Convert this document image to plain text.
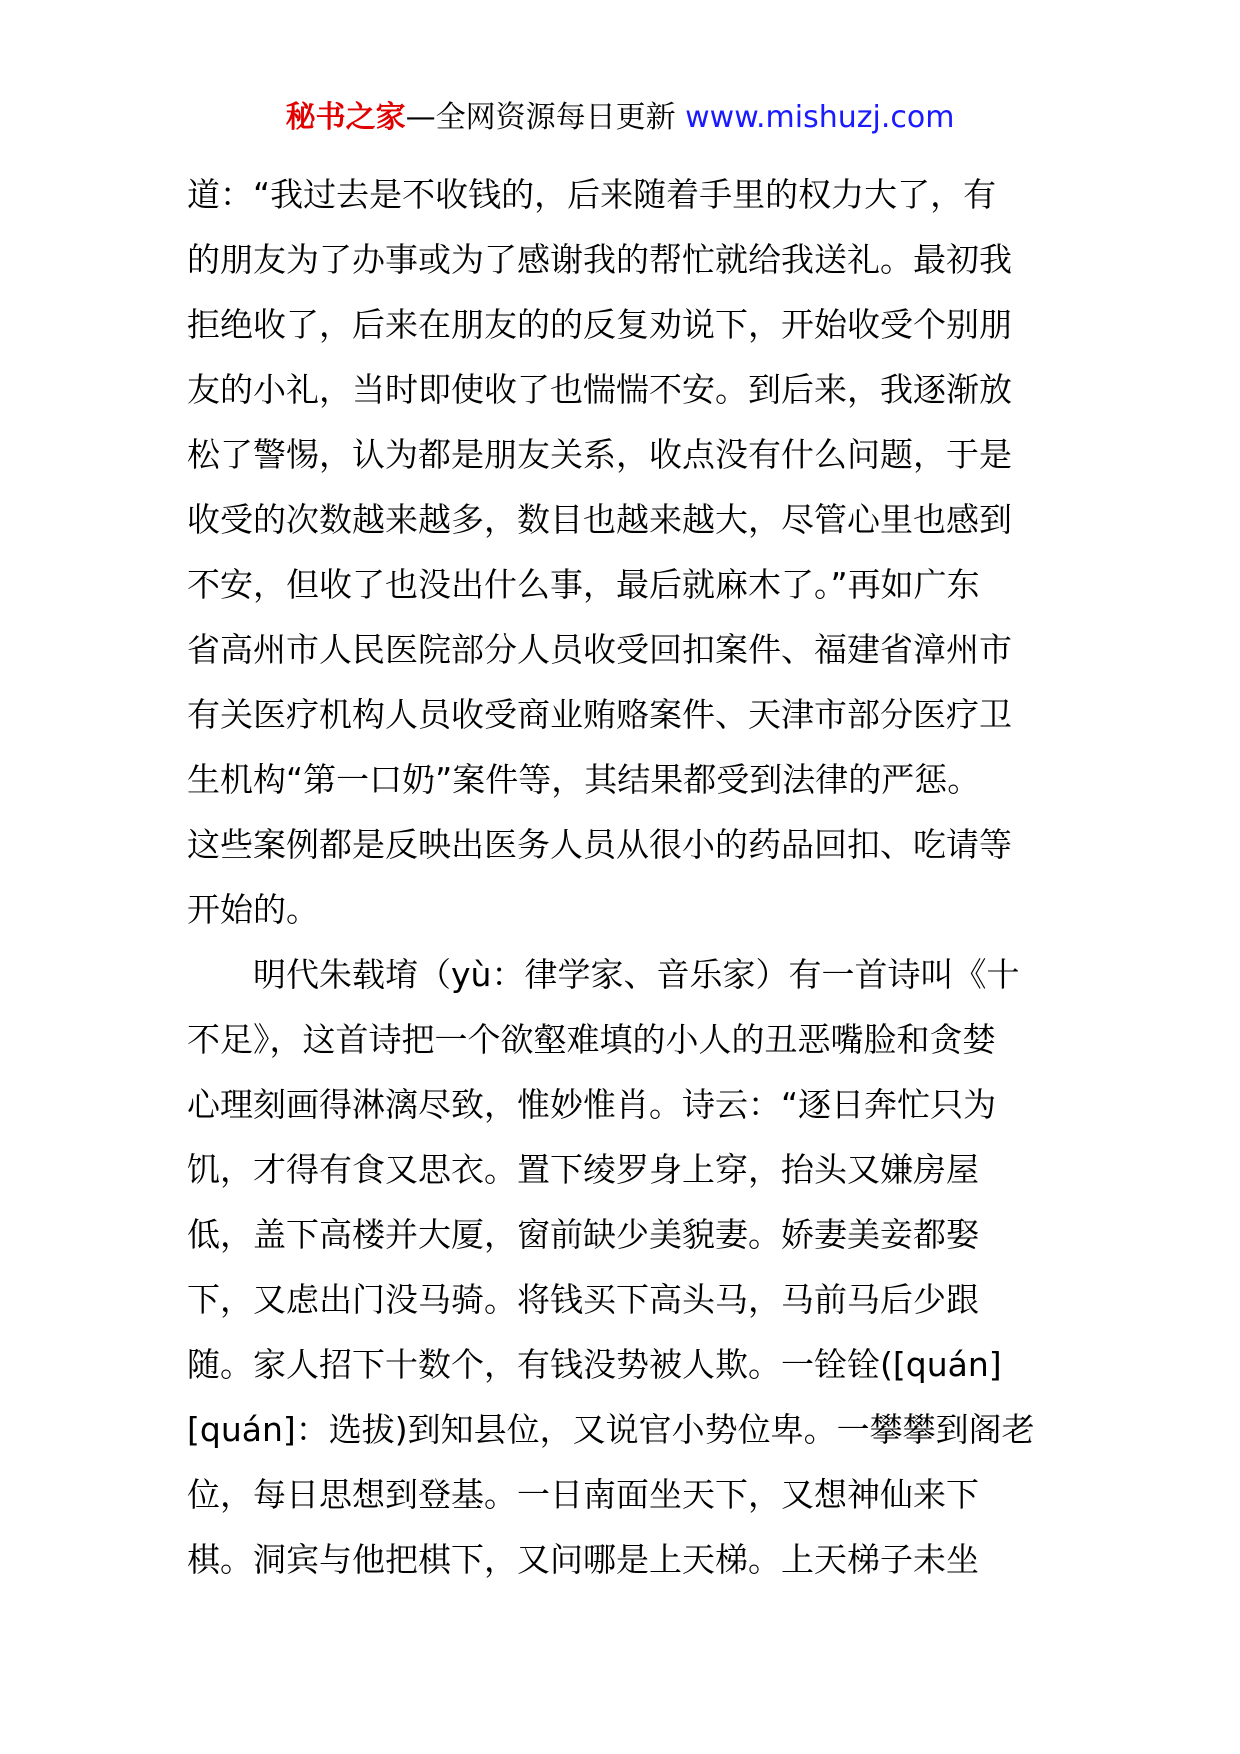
秘书之家—全网资源每日更新 www.mishuzj.com
道：“我过去是不收钱的，后来随着手里的权力大了，有
的朋友为了办事或为了感谢我的帮忙就给我送礼。最初我
拒绝收了，后来在朋友的的反复劝说下，开始收受个别朋
友的小礼，当时即使收了也惴惴不安。到后来，我逐渐放
松了警惕，认为都是朋友关系，收点没有什么问题，于是
收受的次数越来越多，数目也越来越大，尽管心里也感到
不安，但收了也没出什么事，最后就麻木了。”再如广东
省高州市人民医院部分人员收受回扣案件、福建省漳州市
有关医疗机构人员收受商业贿赂案件、天津市部分医疗卫
生机构“第一口奶”案件等，其结果都受到法律的严惩。
这些案例都是反映出医务人员从很小的药品回扣、吃请等
开始的。
明代朱载堉（yù：律学家、音乐家）有一首诗叫《十
不足》，这首诗把一个欲壑难填的小人的丑恶嘴脸和贪婪
心理刻画得淋漓尽致，惟妙惟肖。诗云：“逐日奔忙只为
饥，才得有食又思衣。置下绫罗身上穿，抬头又嫌房屋
低，盖下高楼并大厦，窗前缺少美貌妻。娇妻美妾都娶
下，又虑出门没马骑。将钱买下高头马，马前马后少跟
随。家人招下十数个，有钱没势被人欺。一铨铨([quán]
[quán]：选拔)到知县位，又说官小势位卑。一攀攀到阁老
位，每日思想到登基。一日南面坐天下，又想神仙来下
棋。洞宾与他把棋下，又问哪是上天梯。上天梯子未坐
